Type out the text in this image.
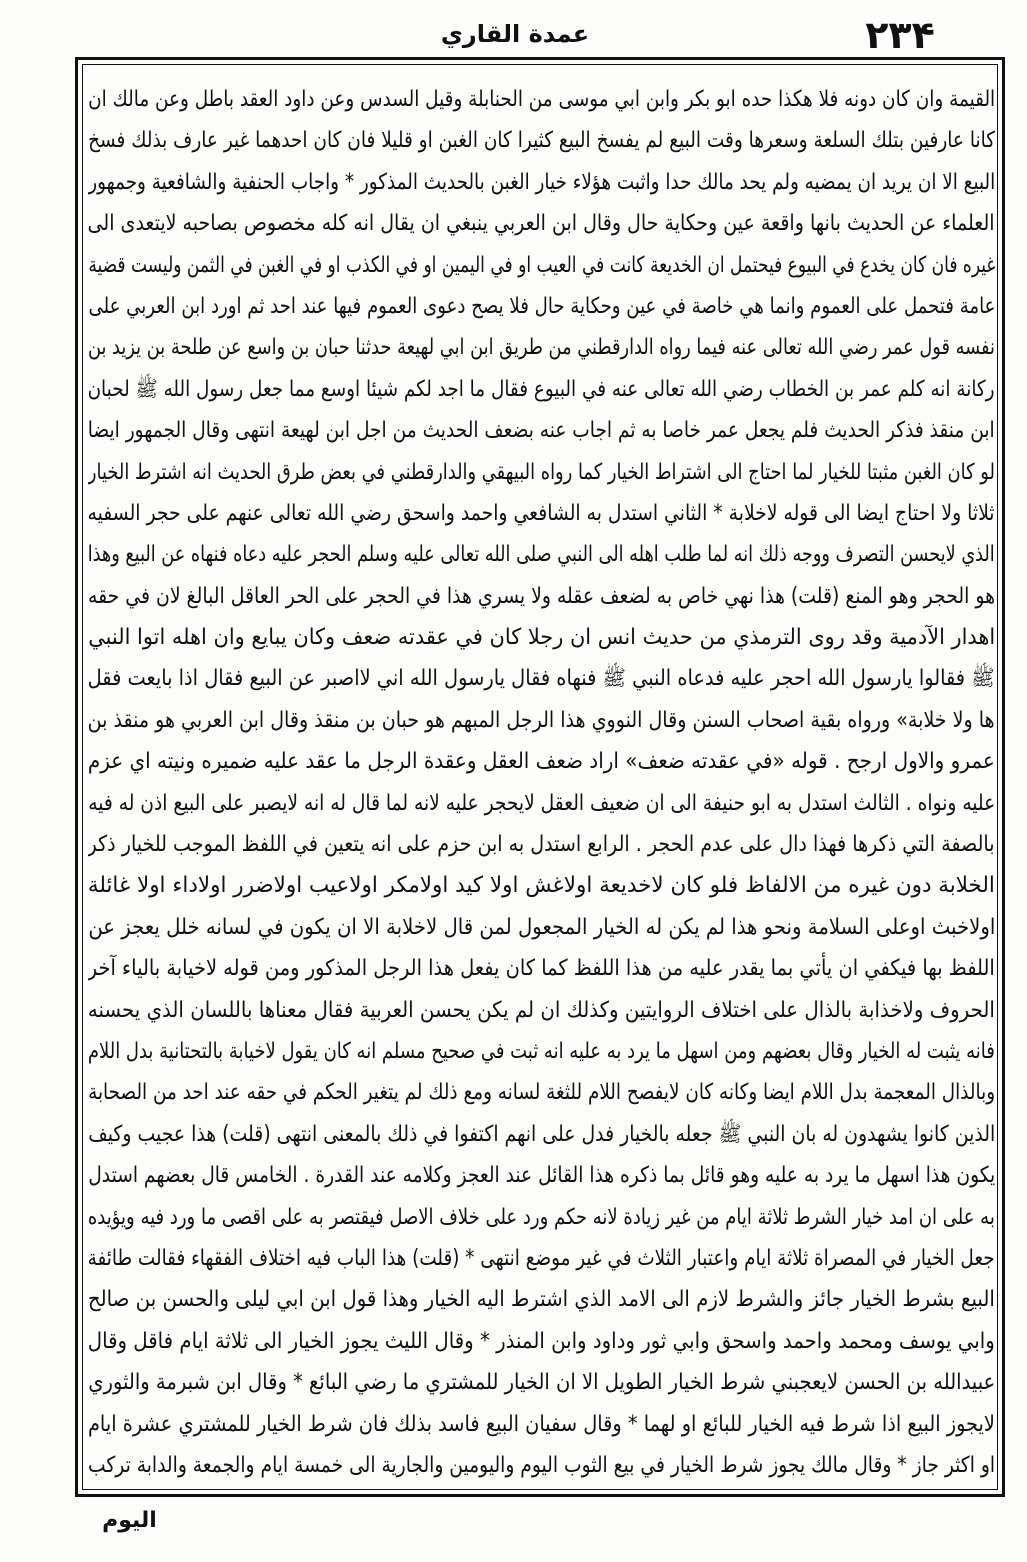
عمدة القاري	۲۳۴
القيمة وان كان دونه فلا هكذا حده ابو بكر وابن ابي موسى من الحنابلة وقيل السدس وعن داود العقد باطل وعن مالك ان
كانا عارفين بتلك السلعة وسعرها وقت البيع لم يفسخ البيع كثيرا كان الغبن او قليلا فان كان احدهما غير عارف بذلك فسخ
البيع الا ان يريد ان يمضيه ولم يحد مالك حدا واثبت هؤلاء خيار الغبن بالحديث المذكور * واجاب الحنفية والشافعية وجمهور
العلماء عن الحديث بانها واقعة عين وحكاية حال وقال ابن العربي ينبغي ان يقال انه كله مخصوص بصاحبه لايتعدى الى
غيره فان كان يخدع في البيوع فيحتمل ان الخديعة كانت في العيب او في اليمين او في الكذب او في الغبن في الثمن وليست قضية
عامة فتحمل على العموم وانما هي خاصة في عين وحكاية حال فلا يصح دعوى العموم فيها عند احد ثم اورد ابن العربي على
نفسه قول عمر رضي الله تعالى عنه فيما رواه الدارقطني من طريق ابن ابي لهيعة حدثنا حبان بن واسع عن طلحة بن يزيد بن
ركانة انه كلم عمر بن الخطاب رضي الله تعالى عنه في البيوع فقال ما اجد لكم شيئا اوسع مما جعل رسول الله ﷺ لحبان
ابن منقذ فذكر الحديث فلم يجعل عمر خاصا به ثم اجاب عنه بضعف الحديث من اجل ابن لهيعة انتهى وقال الجمهور ايضا
لو كان الغبن مثبتا للخيار لما احتاج الى اشتراط الخيار كما رواه البيهقي والدارقطني في بعض طرق الحديث انه اشترط الخيار
ثلاثا ولا احتاج ايضا الى قوله لاخلابة * الثاني استدل به الشافعي واحمد واسحق رضي الله تعالى عنهم على حجر السفيه
الذي لايحسن التصرف ووجه ذلك انه لما طلب اهله الى النبي صلى الله تعالى عليه وسلم الحجر عليه دعاه فنهاه عن البيع وهذا
هو الحجر وهو المنع (قلت) هذا نهي خاص به لضعف عقله ولا يسري هذا في الحجر على الحر العاقل البالغ لان في حقه
اهدار الآدمية وقد روى الترمذي من حديث انس ان رجلا كان في عقدته ضعف وكان يبايع وان اهله اتوا النبي
ﷺ فقالوا يارسول الله احجر عليه فدعاه النبي ﷺ فنهاه فقال يارسول الله اني لااصبر عن البيع فقال اذا بايعت فقل
ها ولا خلابة» ورواه بقية اصحاب السنن وقال النووي هذا الرجل المبهم هو حبان بن منقذ وقال ابن العربي هو منقذ بن
عمرو والاول ارجح . قوله «في عقدته ضعف» اراد ضعف العقل وعقدة الرجل ما عقد عليه ضميره ونيته اي عزم
عليه ونواه . الثالث استدل به ابو حنيفة الى ان ضعيف العقل لايحجر عليه لانه لما قال له انه لايصبر على البيع اذن له فيه
بالصفة التي ذكرها فهذا دال على عدم الحجر . الرابع استدل به ابن حزم على انه يتعين في اللفظ الموجب للخيار ذكر
الخلابة دون غيره من الالفاظ فلو كان لاخديعة اولاغش اولا كيد اولامكر اولاعيب اولاضرر اولاداء اولا غائلة
اولاخبث اوعلى السلامة ونحو هذا لم يكن له الخيار المجعول لمن قال لاخلابة الا ان يكون في لسانه خلل يعجز عن
اللفظ بها فيكفي ان يأتي بما يقدر عليه من هذا اللفظ كما كان يفعل هذا الرجل المذكور ومن قوله لاخيابة بالياء آخر
الحروف ولاخذابة بالذال على اختلاف الروايتين وكذلك ان لم يكن يحسن العربية فقال معناها باللسان الذي يحسنه
فانه يثبت له الخيار وقال بعضهم ومن اسهل ما يرد به عليه انه ثبت في صحيح مسلم انه كان يقول لاخيابة بالتحتانية بدل اللام
وبالذال المعجمة بدل اللام ايضا وكانه كان لايفصح اللام للثغة لسانه ومع ذلك لم يتغير الحكم في حقه عند احد من الصحابة
الذين كانوا يشهدون له بان النبي ﷺ جعله بالخيار فدل على انهم اكتفوا في ذلك بالمعنى انتهى (قلت) هذا عجيب وكيف
يكون هذا اسهل ما يرد به عليه وهو قائل بما ذكره هذا القائل عند العجز وكلامه عند القدرة . الخامس قال بعضهم استدل
به على ان امد خيار الشرط ثلاثة ايام من غير زيادة لانه حكم ورد على خلاف الاصل فيقتصر به على اقصى ما ورد فيه ويؤيده
جعل الخيار في المصراة ثلاثة ايام واعتبار الثلاث في غير موضع انتهى * (قلت) هذا الباب فيه اختلاف الفقهاء فقالت طائفة
البيع بشرط الخيار جائز والشرط لازم الى الامد الذي اشترط اليه الخيار وهذا قول ابن ابي ليلى والحسن بن صالح
وابي يوسف ومحمد واحمد واسحق وابي ثور وداود وابن المنذر * وقال الليث يجوز الخيار الى ثلاثة ايام فاقل وقال
عبيدالله بن الحسن لايعجبني شرط الخيار الطويل الا ان الخيار للمشتري ما رضي البائع * وقال ابن شبرمة والثوري
لايجوز البيع اذا شرط فيه الخيار للبائع او لهما * وقال سفيان البيع فاسد بذلك فان شرط الخيار للمشتري عشرة ايام
او اكثر جاز * وقال مالك يجوز شرط الخيار في بيع الثوب اليوم واليومين والجارية الى خمسة ايام والجمعة والدابة تركب
اليوم
